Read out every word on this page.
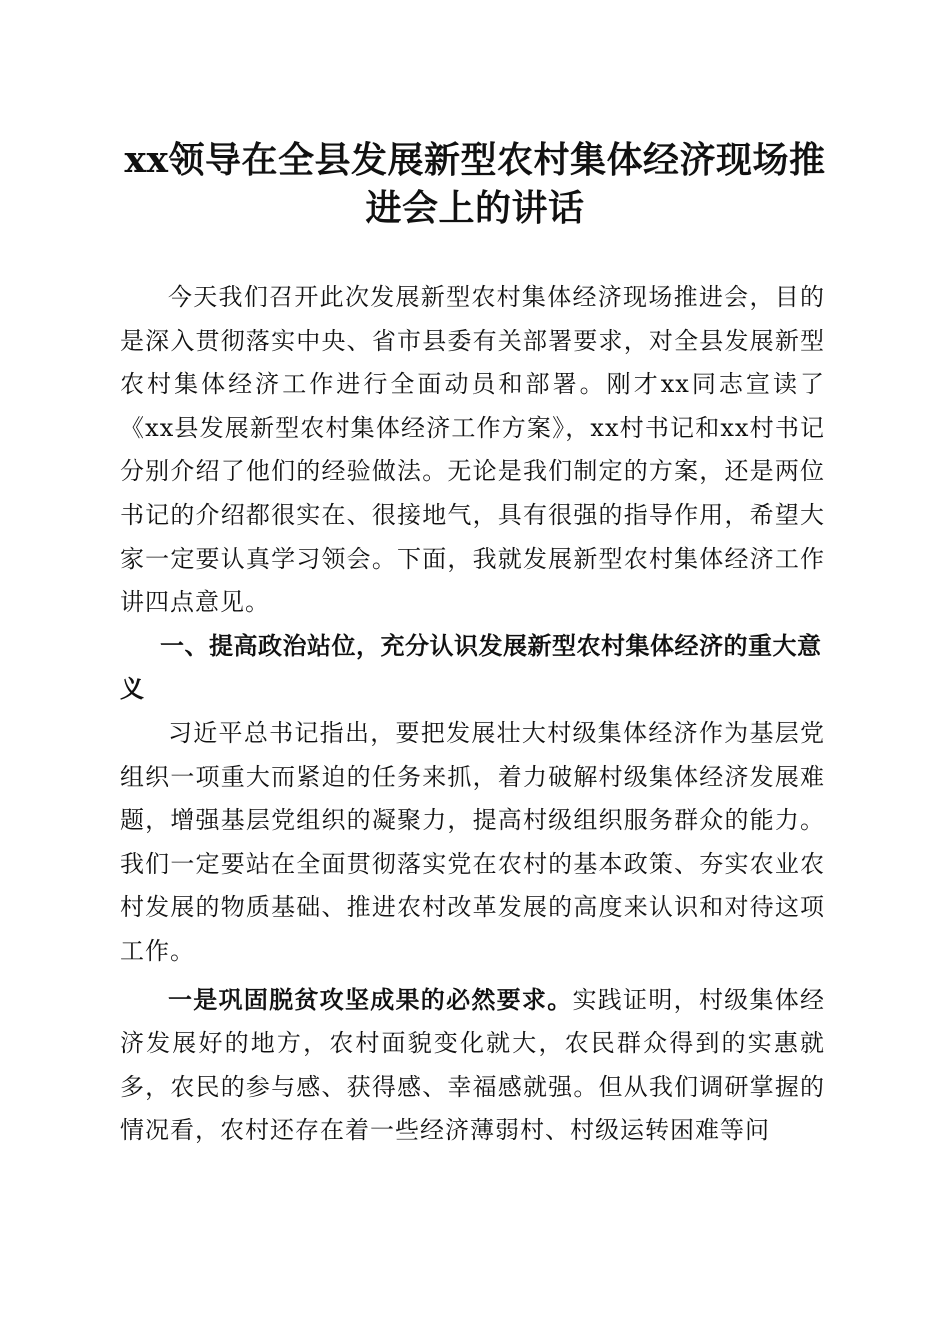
xx领导在全县发展新型农村集体经济现场推
进会上的讲话

今天我们召开此次发展新型农村集体经济现场推进会，目的是深入贯彻落实中央、省市县委有关部署要求，对全县发展新型农村集体经济工作进行全面动员和部署。刚才xx同志宣读了《xx县发展新型农村集体经济工作方案》，xx村书记和xx村书记分别介绍了他们的经验做法。无论是我们制定的方案，还是两位书记的介绍都很实在、很接地气，具有很强的指导作用，希望大家一定要认真学习领会。下面，我就发展新型农村集体经济工作讲四点意见。

一、提高政治站位，充分认识发展新型农村集体经济的重大意义

习近平总书记指出，要把发展壮大村级集体经济作为基层党组织一项重大而紧迫的任务来抓，着力破解村级集体经济发展难题，增强基层党组织的凝聚力，提高村级组织服务群众的能力。我们一定要站在全面贯彻落实党在农村的基本政策、夯实农业农村发展的物质基础、推进农村改革发展的高度来认识和对待这项工作。

一是巩固脱贫攻坚成果的必然要求。实践证明，村级集体经济发展好的地方，农村面貌变化就大，农民群众得到的实惠就多，农民的参与感、获得感、幸福感就强。但从我们调研掌握的情况看，农村还存在着一些经济薄弱村、村级运转困难等问
